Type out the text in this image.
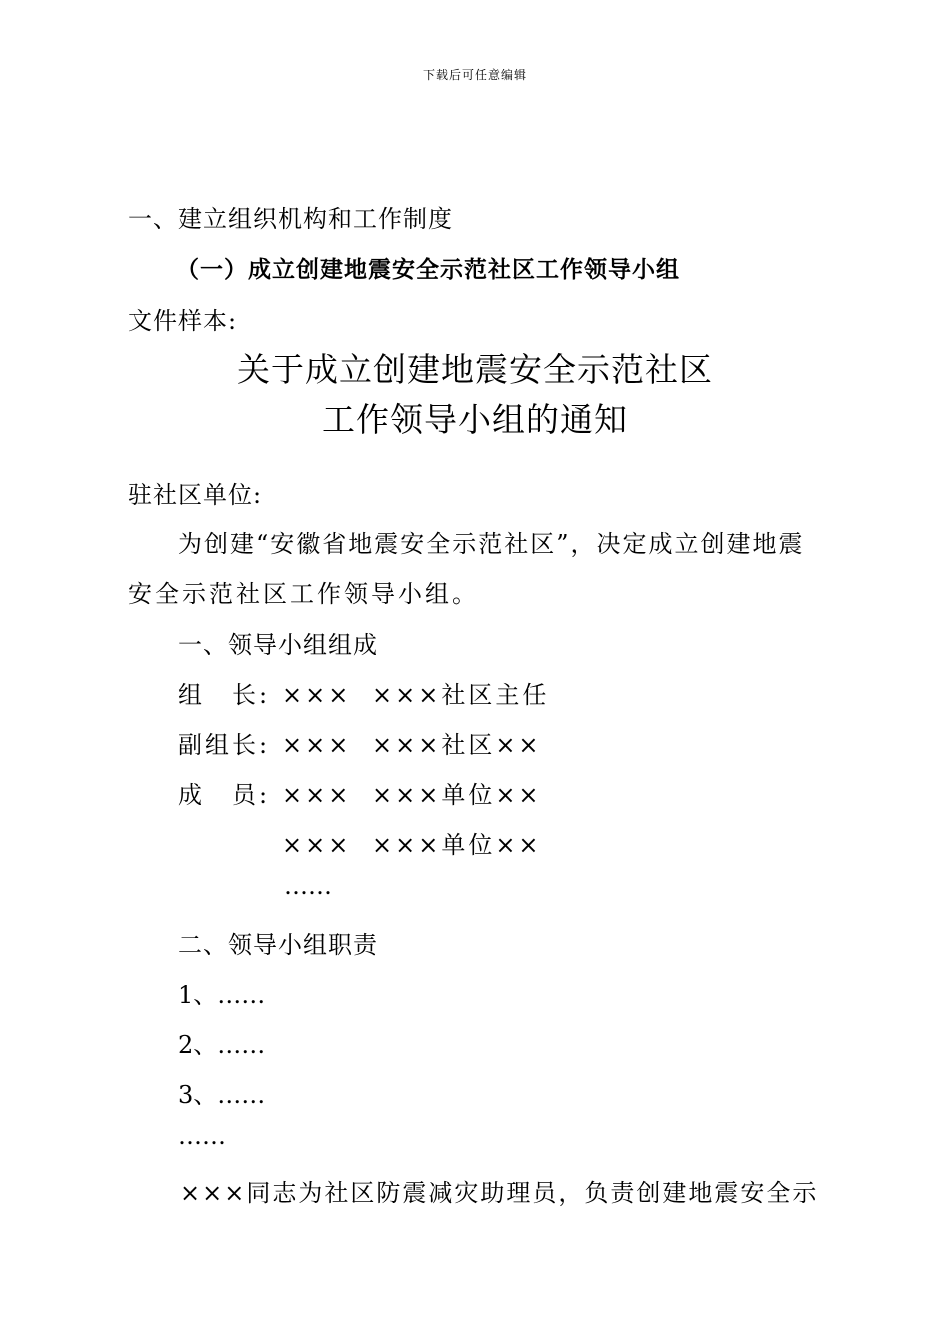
下载后可任意编辑
一、建立组织机构和工作制度
（一）成立创建地震安全示范社区工作领导小组
文件样本:
关于成立创建地震安全示范社区
工作领导小组的通知
驻社区单位:
为创建“安徽省地震安全示范社区”，决定成立创建地震
安全示范社区工作领导小组。
一、领导小组组成
组　长: ××× ×××社区主任
副组长: ××× ×××社区××
成　员: ××× ×××单位××
××× ×××单位××
……
二、领导小组职责
1、……
2、……
3、……
……
×××同志为社区防震减灾助理员，负责创建地震安全示
